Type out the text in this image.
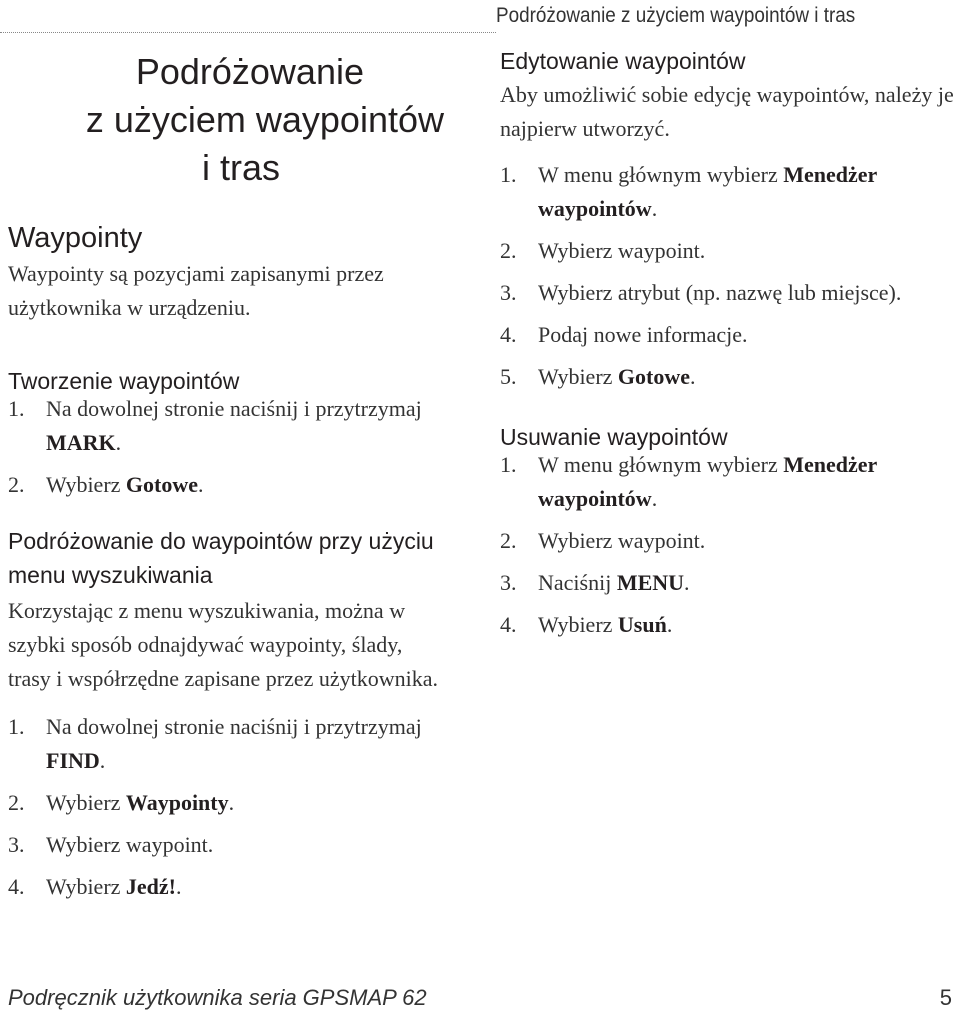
Podróżowanie z użyciem waypointów i tras
Podróżowanie
z użyciem waypointów
i tras
Waypointy

Waypointy są pozycjami zapisanymi przez użytkownika w urządzeniu.

Tworzenie waypointów
1. Na dowolnej stronie naciśnij i przytrzymaj MARK.
2. Wybierz Gotowe.
Podróżowanie do waypointów przy użyciu menu wyszukiwania

Korzystając z menu wyszukiwania, można w szybki sposób odnajdywać waypointy, ślady, trasy i współrzędne zapisane przez użytkownika.

1. Na dowolnej stronie naciśnij i przytrzymaj FIND.
2. Wybierz Waypointy.
3. Wybierz waypoint.
4. Wybierz Jedź!.
Edytowanie waypointów

Aby umożliwić sobie edycję waypointów, należy je najpierw utworzyć.

1. W menu głównym wybierz Menedżer waypointów.
2. Wybierz waypoint.
3. Wybierz atrybut (np. nazwę lub miejsce).
4. Podaj nowe informacje.
5. Wybierz Gotowe.
Usuwanie waypointów
1. W menu głównym wybierz Menedżer waypointów.
2. Wybierz waypoint.
3. Naciśnij MENU.
4. Wybierz Usuń.
Podręcznik użytkownika seria GPSMAP 62	5
